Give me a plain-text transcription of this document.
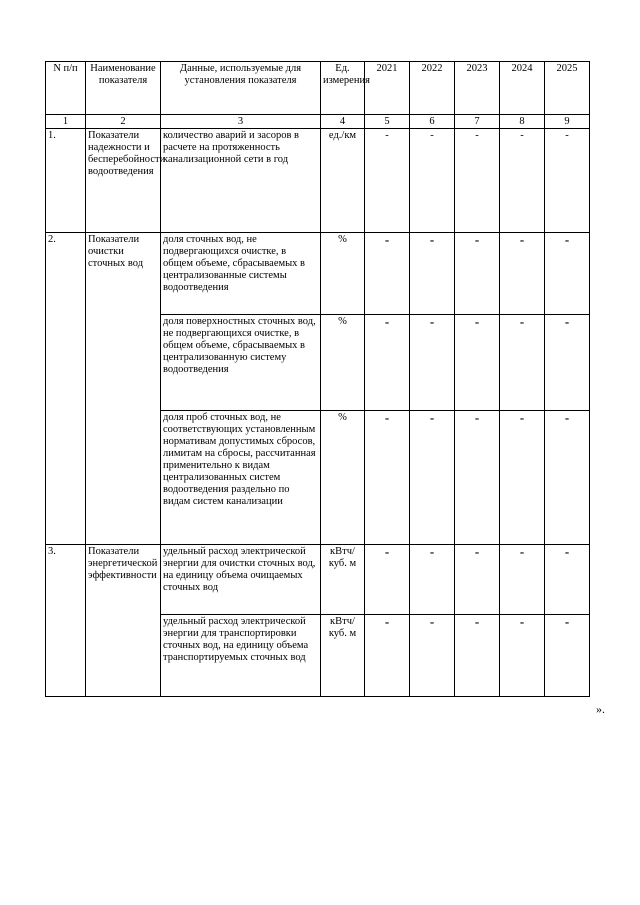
N п/п	Наименование показателя	Данные, используемые для установления показателя	Ед. измерения	2021	2022	2023	2024	2025
1	2	3	4	5	6	7	8	9
1.	Показатели надежности и бесперебойности водоотведения	количество аварий и засоров в расчете на протяженность канализационной сети в год	ед./км	-	-	-	-	-
2.	Показатели очистки сточных вод	доля сточных вод, не подвергающихся очистке, в общем объеме, сбрасываемых в централизованные системы водоотведения	%	-	-	-	-	-
		доля поверхностных сточных вод, не подвергающихся очистке, в общем объеме, сбрасываемых в централизованную систему водоотведения	%	-	-	-	-	-
		доля проб сточных вод, не соответствующих установленным нормативам допустимых сбросов, лимитам на сбросы, рассчитанная применительно к видам централизованных систем водоотведения раздельно по видам систем канализации	%	-	-	-	-	-
3.	Показатели энергетической эффективности	удельный расход электрической энергии для очистки сточных вод, на единицу объема очищаемых сточных вод	кВтч/ куб. м	-	-	-	-	-
		удельный расход электрической энергии для транспортировки сточных вод, на единицу объема транспортируемых сточных вод	кВтч/ куб. м	-	-	-	-	-
».
